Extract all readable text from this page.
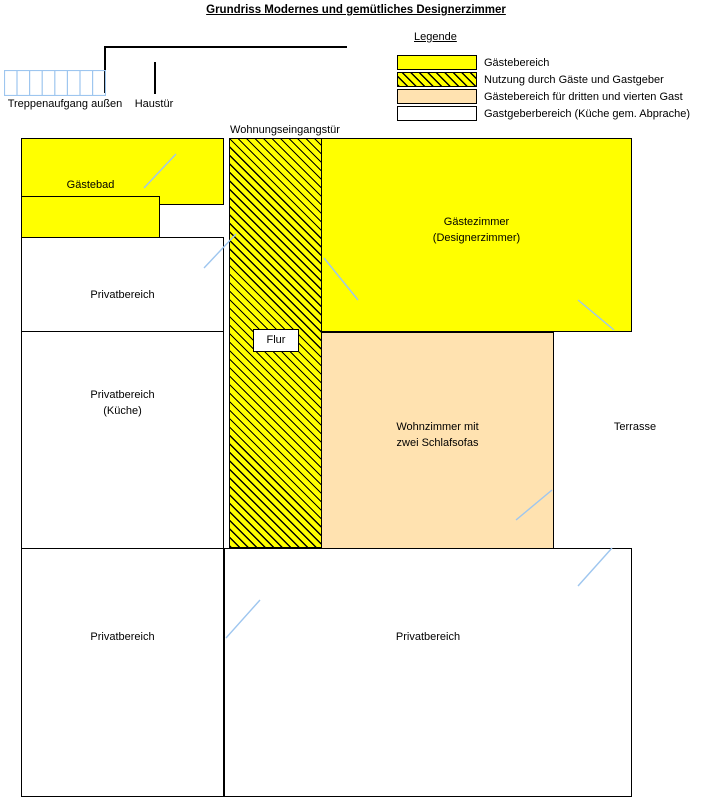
Grundriss Modernes und gemütliches Designerzimmer
Legende
Gästebereich
Nutzung durch Gäste und Gastgeber
Gästebereich für dritten und vierten Gast
Gastgeberbereich (Küche gem. Abprache)
Treppenaufgang außen	Haustür
Wohnungseingangstür
Gästebad
Privatbereich
Privatbereich
(Küche)
Privatbereich	Privatbereich
Flur
Gästezimmer
(Designerzimmer)
Wohnzimmer mit
zwei Schlafsofas
Terrasse
